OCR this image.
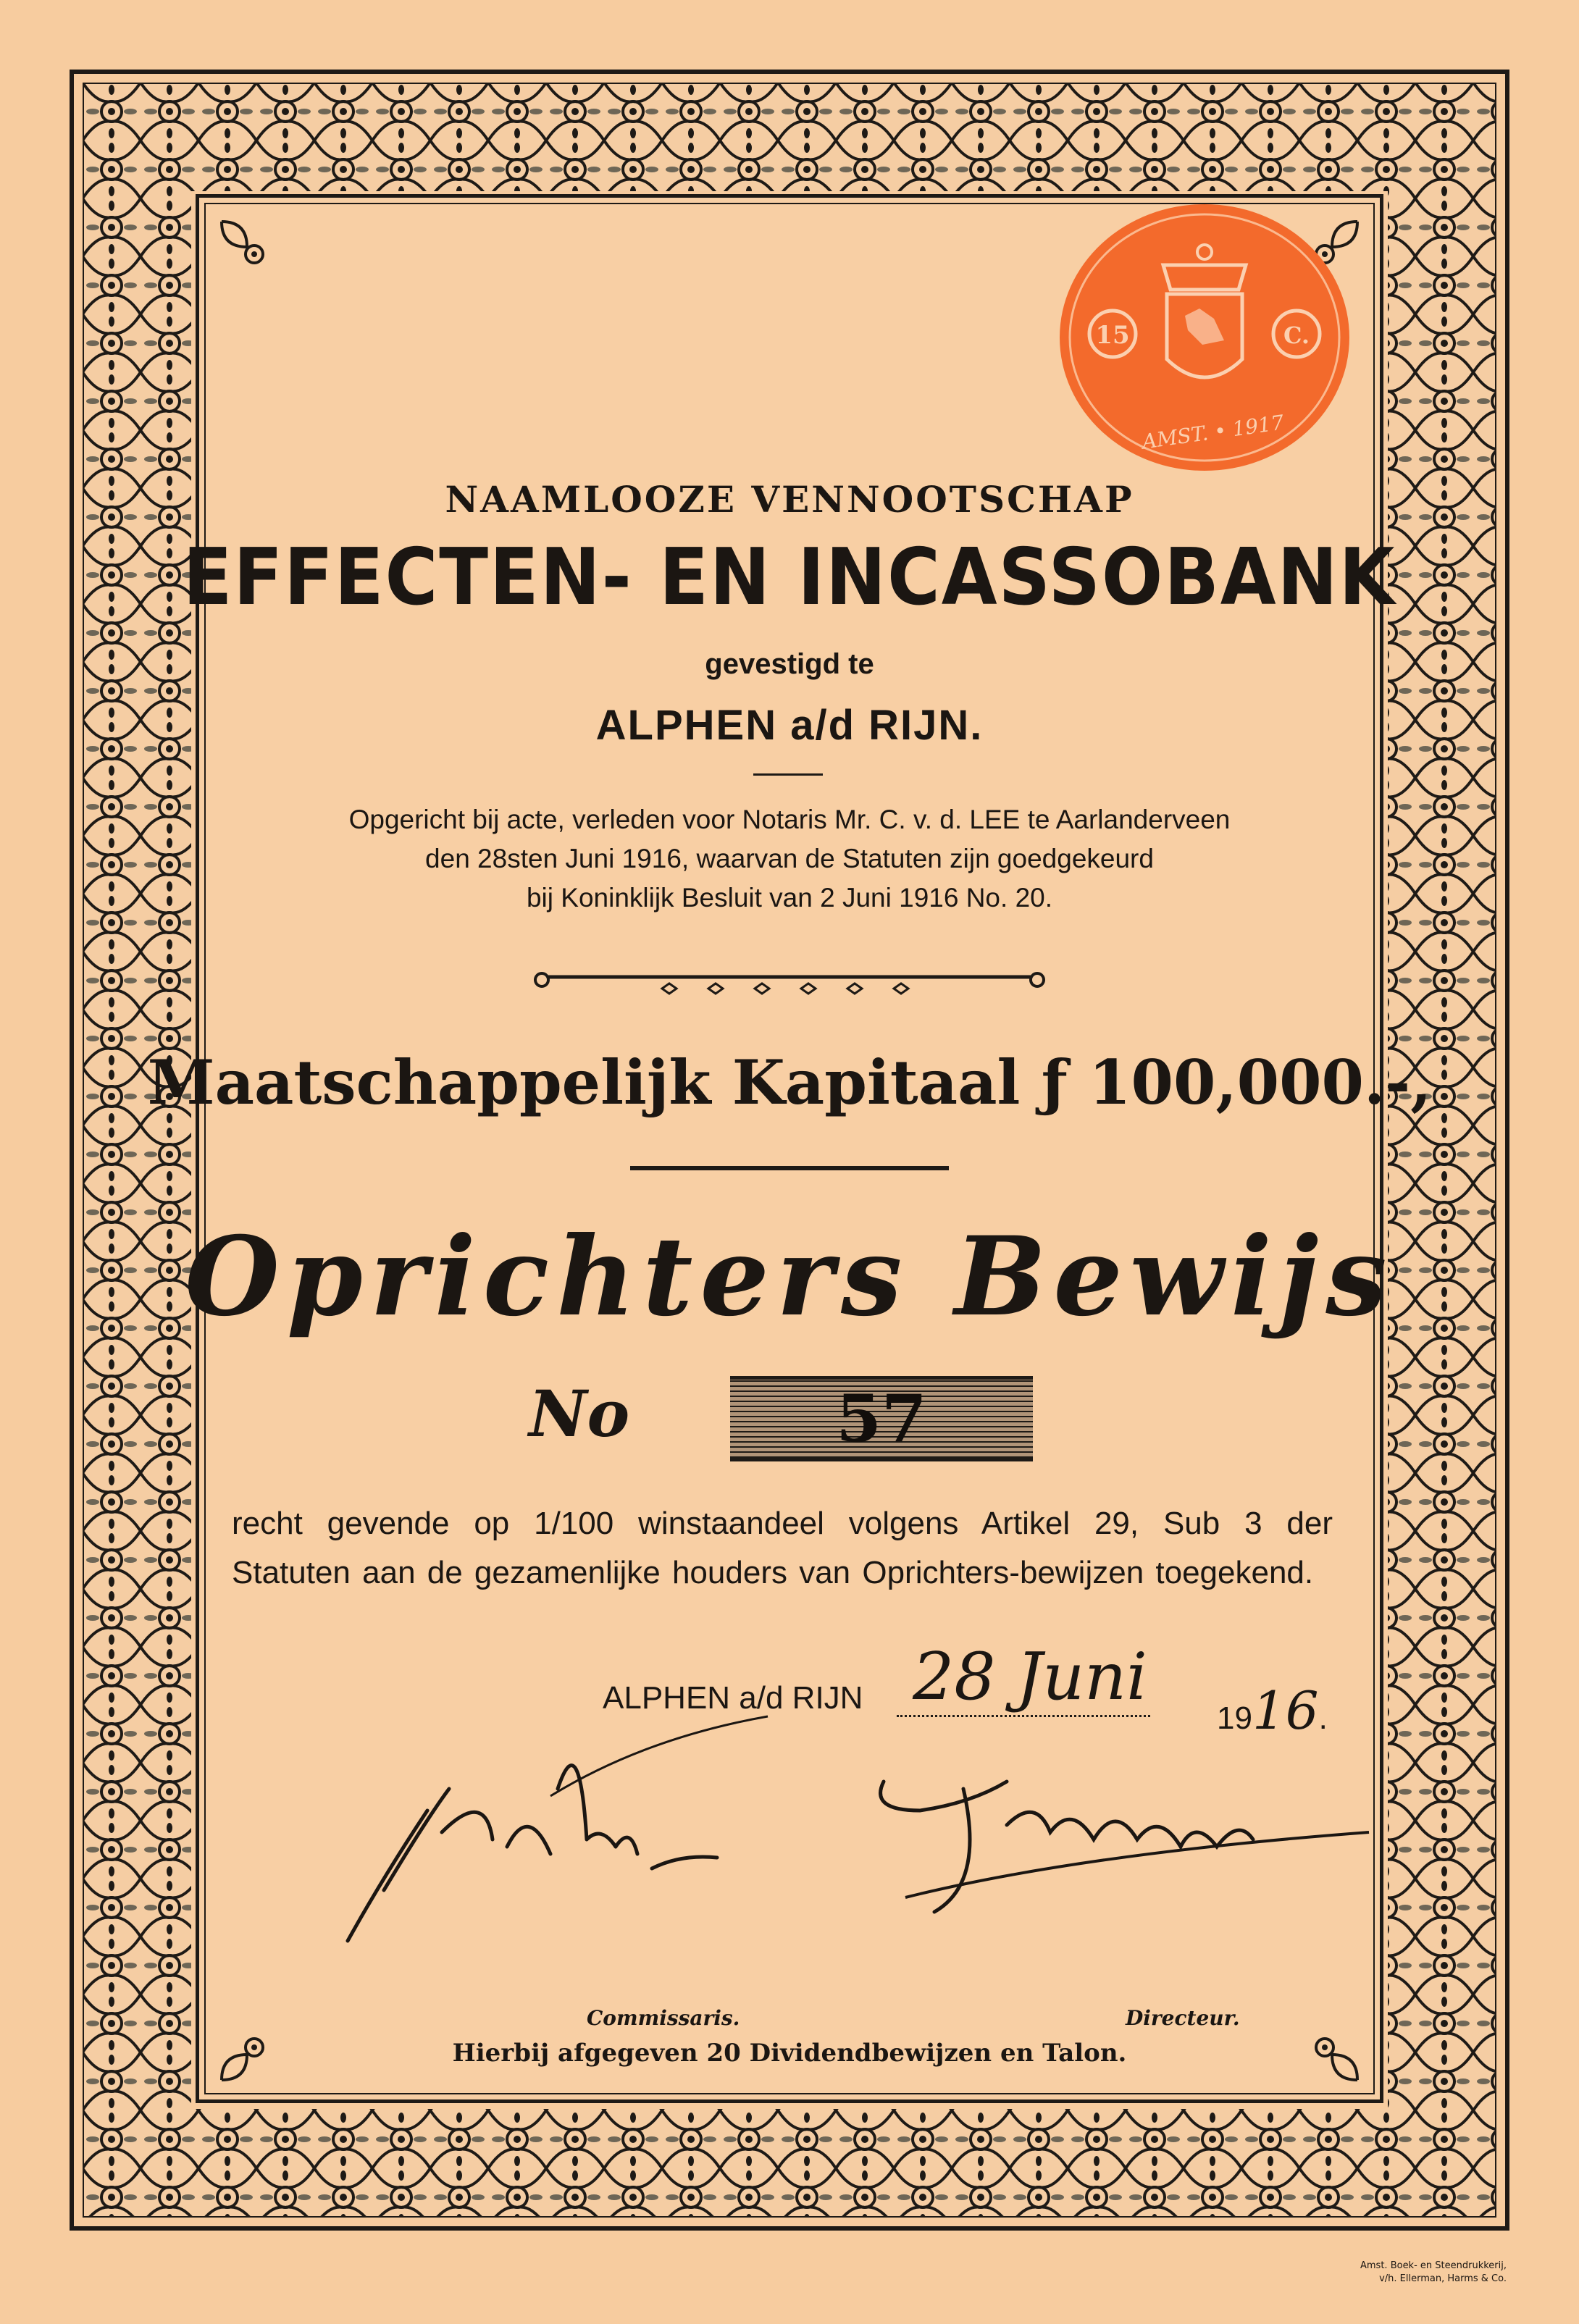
15	C.
AMST. • 1917
NAAMLOOZE VENNOOTSCHAP
EFFECTEN- EN INCASSOBANK
gevestigd te
ALPHEN a/d RIJN.
Opgericht bij acte, verleden voor Notaris Mr. C. v. d. LEE te Aarlanderveen
den 28sten Juni 1916, waarvan de Statuten zijn goedgekeurd
bij Koninklijk Besluit van 2 Juni 1916 No. 20.
Maatschappelijk Kapitaal ƒ 100,000.-,
Oprichters Bewijs
No	57
recht gevende op 1/100 winstaandeel volgens Artikel 29, Sub 3 der Statuten aan de gezamenlijke houders van Oprichters-bewijzen toegekend.
ALPHEN a/d RIJN 28 Juni
1916.
Commissaris.	Directeur.
Hierbij afgegeven 20 Dividendbewijzen en Talon.
Amst. Boek- en Steendrukkerij,
v/h. Ellerman, Harms & Co.
